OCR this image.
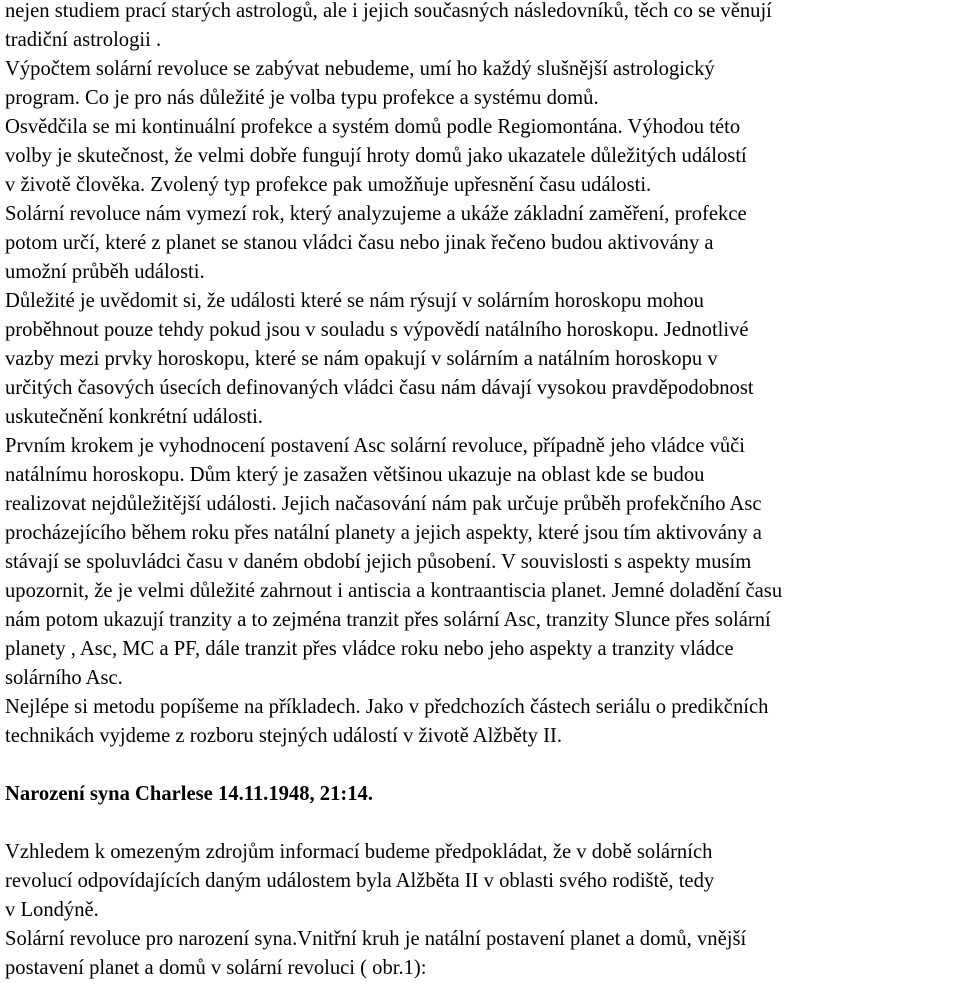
nejen studiem prací starých astrologů, ale i jejich současných následovníků, těch co se věnují
tradiční astrologii .
Výpočtem solární revoluce se zabývat nebudeme, umí ho každý slušnější astrologický
program. Co je pro nás důležité je volba typu profekce a systému domů.
Osvědčila se mi kontinuální profekce a systém domů podle Regiomontána. Výhodou této
volby je skutečnost, že velmi dobře fungují hroty domů jako ukazatele důležitých událostí
v životě člověka. Zvolený typ profekce pak umožňuje upřesnění času události.
Solární revoluce nám vymezí rok, který analyzujeme a ukáže základní zaměření, profekce
potom určí, které z planet se stanou vládci času nebo jinak řečeno budou aktivovány a
umožní průběh události.
Důležité je uvědomit si, že události které se nám rýsují v solárním horoskopu mohou
proběhnout pouze tehdy pokud jsou v souladu s výpovědí natálního horoskopu. Jednotlivé
vazby mezi prvky horoskopu, které se nám opakují v solárním a natálním horoskopu v
určitých časových úsecích definovaných vládci času nám dávají vysokou pravděpodobnost
uskutečnění konkrétní události.
Prvním krokem je vyhodnocení postavení Asc solární revoluce, případně jeho vládce vůči
natálnímu horoskopu. Dům který je zasažen většinou ukazuje na oblast kde se budou
realizovat nejdůležitější události. Jejich načasování nám pak určuje průběh profekčního Asc
procházejícího během roku přes natální planety a jejich aspekty, které jsou tím aktivovány a
stávají se spoluvládci času v daném období jejich působení. V souvislosti s aspekty musím
upozornit, že je velmi důležité zahrnout i antiscia a kontraantiscia planet. Jemné doladění času
nám potom ukazují tranzity a to zejména tranzit přes solární Asc, tranzity Slunce přes solární
planety , Asc, MC a PF, dále tranzit přes vládce roku nebo jeho aspekty a tranzity vládce
solárního Asc.
Nejlépe si metodu popíšeme na příkladech. Jako v předchozích částech seriálu o predikčních
technikách vyjdeme z rozboru stejných událostí v životě Alžběty II.
Narození syna Charlese 14.11.1948, 21:14.
Vzhledem k omezeným zdrojům informací budeme předpokládat, že v době solárních
revolucí odpovídajících daným událostem byla Alžběta II v oblasti svého rodiště, tedy
v Londýně.
Solární revoluce pro narození syna.Vnitřní kruh je natální postavení planet a domů, vnější
postavení planet a domů v solární revoluci ( obr.1):
